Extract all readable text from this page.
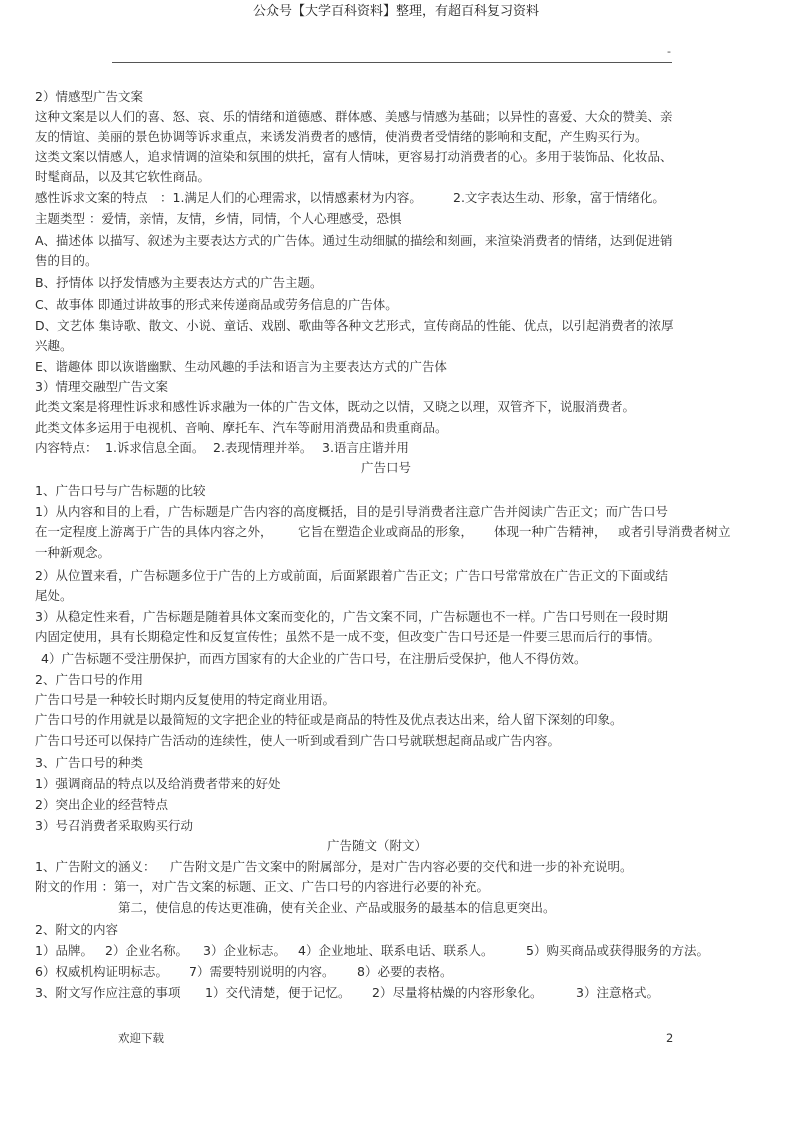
公众号【大学百科资料】整理，有超百科复习资料
-
2）情感型广告文案
这种文案是以人们的喜、怒、哀、乐的情绪和道德感、群体感、美感与情感为基础；以异性的喜爱、大众的赞美、亲
友的情谊、美丽的景色协调等诉求重点，来诱发消费者的感情，使消费者受情绪的影响和支配，产生购买行为。
这类文案以情感人，追求情调的渲染和氛围的烘托，富有人情味，更容易打动消费者的心。多用于装饰品、化妆品、
时髦商品，以及其它软性商品。
感性诉求文案的特点　：1.满足人们的心理需求，以情感素材为内容。 2.文字表达生动、形象，富于情绪化。
主题类型 ：爱情，亲情，友情，乡情，同情，个人心理感受，恐惧
A、描述体 以描写、叙述为主要表达方式的广告体。通过生动细腻的描绘和刻画，来渲染消费者的情绪，达到促进销
售的目的。
B、抒情体 以抒发情感为主要表达方式的广告主题。
C、故事体 即通过讲故事的形式来传递商品或劳务信息的广告体。
D、文艺体 集诗歌、散文、小说、童话、戏剧、歌曲等各种文艺形式，宣传商品的性能、优点，以引起消费者的浓厚
兴趣。
E、谐趣体 即以诙谐幽默、生动风趣的手法和语言为主要表达方式的广告体
3）情理交融型广告文案
此类文案是将理性诉求和感性诉求融为一体的广告文体，既动之以情，又晓之以理，双管齐下，说服消费者。
此类文体多运用于电视机、音响、摩托车、汽车等耐用消费品和贵重商品。
内容特点： 1.诉求信息全面。 2.表现情理并举。 3.语言庄谐并用
广告口号
1、广告口号与广告标题的比较
1）从内容和目的上看，广告标题是广告内容的高度概括，目的是引导消费者注意广告并阅读广告正文；而广告口号
在一定程度上游离于广告的具体内容之外， 它旨在塑造企业或商品的形象， 体现一种广告精神， 或者引导消费者树立
一种新观念。
2）从位置来看，广告标题多位于广告的上方或前面，后面紧跟着广告正文；广告口号常常放在广告正文的下面或结
尾处。
3）从稳定性来看，广告标题是随着具体文案而变化的，广告文案不同，广告标题也不一样。广告口号则在一段时期
内固定使用，具有长期稳定性和反复宣传性；虽然不是一成不变，但改变广告口号还是一件要三思而后行的事情。
4）广告标题不受注册保护，而西方国家有的大企业的广告口号，在注册后受保护，他人不得仿效。
2、广告口号的作用
广告口号是一种较长时期内反复使用的特定商业用语。
广告口号的作用就是以最简短的文字把企业的特征或是商品的特性及优点表达出来，给人留下深刻的印象。
广告口号还可以保持广告活动的连续性，使人一听到或看到广告口号就联想起商品或广告内容。
3、广告口号的种类
1）强调商品的特点以及给消费者带来的好处
2）突出企业的经营特点
3）号召消费者采取购买行动
广告随文（附文）
1、广告附文的涵义： 广告附文是广告文案中的附属部分，是对广告内容必要的交代和进一步的补充说明。
附文的作用 ：第一，对广告文案的标题、正文、广告口号的内容进行必要的补充。
第二，使信息的传达更准确，使有关企业、产品或服务的最基本的信息更突出。
2、附文的内容
1）品牌。 2）企业名称。 3）企业标志。 4）企业地址、联系电话、联系人。	5）购买商品或获得服务的方法。
6）权威机构证明标志。 7）需要特别说明的内容。 8）必要的表格。
3、附文写作应注意的事项 1）交代清楚，便于记忆。 2）尽量将枯燥的内容形象化。	3）注意格式。
欢迎下载	2
